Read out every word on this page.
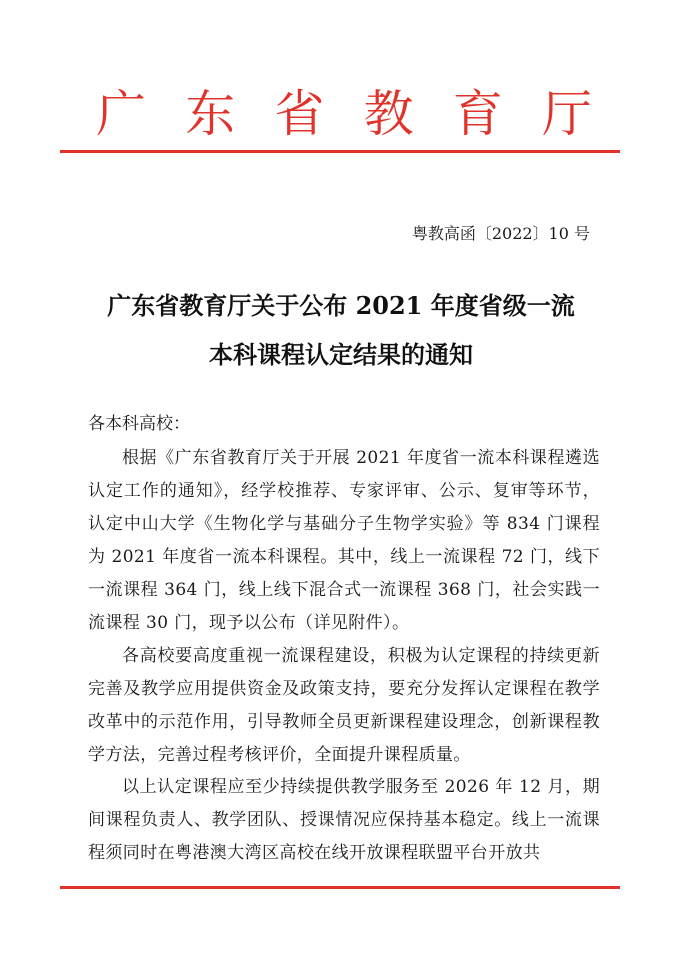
广 东 省 教 育 厅
粤教高函〔2022〕10 号
广东省教育厅关于公布 2021 年度省级一流
本科课程认定结果的通知
各本科高校：
根据《广东省教育厅关于开展 2021 年度省一流本科课程遴选认定工作的通知》，经学校推荐、专家评审、公示、复审等环节，认定中山大学《生物化学与基础分子生物学实验》等 834 门课程为 2021 年度省一流本科课程。其中，线上一流课程 72 门，线下一流课程 364 门，线上线下混合式一流课程 368 门，社会实践一流课程 30 门，现予以公布（详见附件）。
各高校要高度重视一流课程建设，积极为认定课程的持续更新完善及教学应用提供资金及政策支持，要充分发挥认定课程在教学改革中的示范作用，引导教师全员更新课程建设理念，创新课程教学方法，完善过程考核评价，全面提升课程质量。
以上认定课程应至少持续提供教学服务至 2026 年 12 月，期间课程负责人、教学团队、授课情况应保持基本稳定。线上一流课程须同时在粤港澳大湾区高校在线开放课程联盟平台开放共
